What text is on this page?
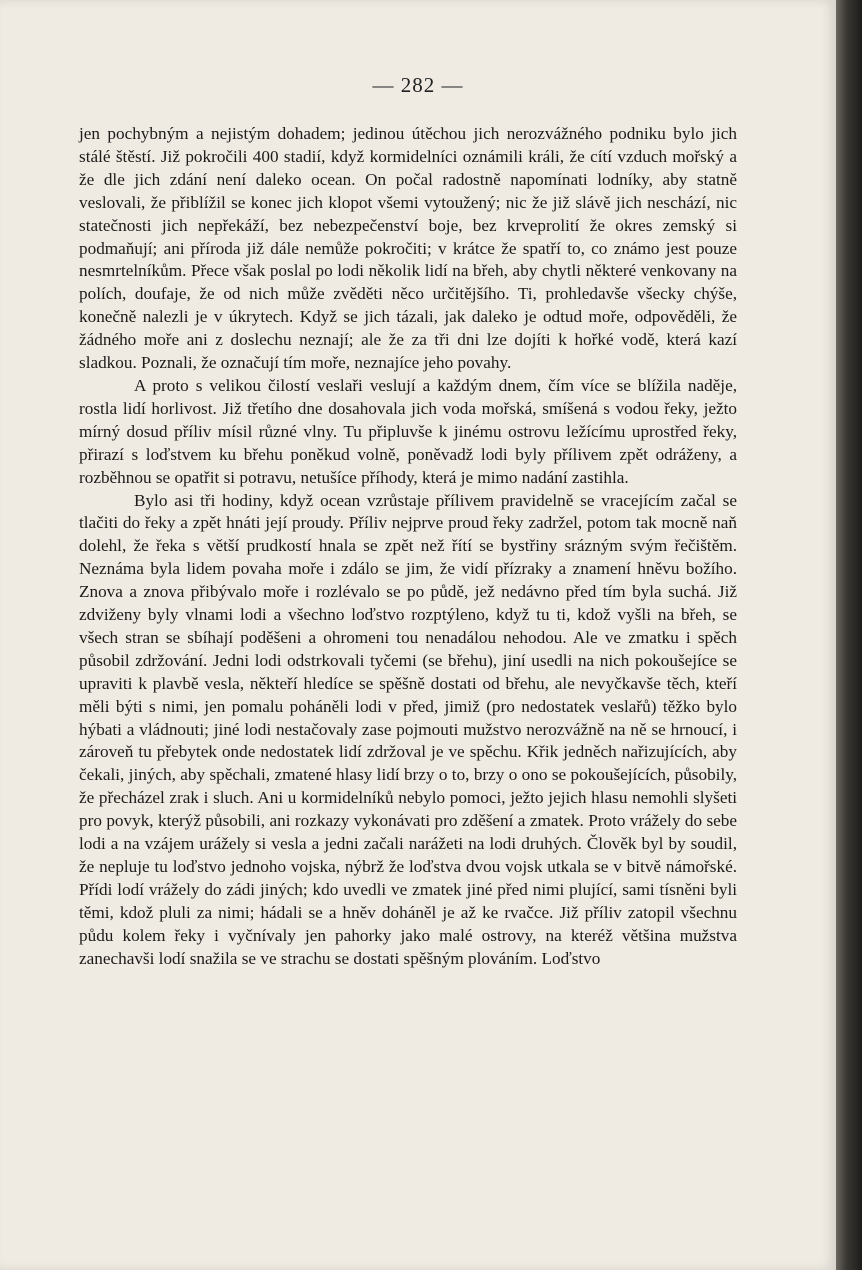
— 282 —

jen pochybným a nejistým dohadem; jedinou útěchou jich nerozvážného podniku bylo jich stálé štěstí. Již pokročili 400 stadií, když kormidelníci oznámili králi, že cítí vzduch mořský a že dle jich zdání není daleko ocean. On počal radostně napomínati lodníky, aby statně veslovali, že přiblížil se konec jich klopot všemi vytoužený; nic že již slávě jich neschází, nic statečnosti jich nepřekáží, bez nebezpečenství boje, bez krveprolití že okres zemský si podmaňují; ani příroda již dále nemůže pokročiti; v krátce že spatří to, co známo jest pouze nesmrtelníkům. Přece však poslal po lodi několik lidí na břeh, aby chytli některé venkovany na polích, doufaje, že od nich může zvěděti něco určitějšího. Ti, prohledavše všecky chýše, konečně nalezli je v úkrytech. Když se jich tázali, jak daleko je odtud moře, odpověděli, že žádného moře ani z doslechu neznají; ale že za tři dni lze dojíti k hořké vodě, která kazí sladkou. Poznali, že označují tím moře, neznajíce jeho povahy.

A proto s velikou čilostí veslaři veslují a každým dnem, čím více se blížila naděje, rostla lidí horlivost. Již třetího dne dosahovala jich voda mořská, smíšená s vodou řeky, ježto mírný dosud příliv mísil různé vlny. Tu připluvše k jinému ostrovu ležícímu uprostřed řeky, přirazí s loďstvem ku břehu poněkud volně, poněvadž lodi byly přílivem zpět odráženy, a rozběhnou se opatřit si potravu, netušíce příhody, která je mimo nadání zastihla.

Bylo asi tři hodiny, když ocean vzrůstaje přílivem pravidelně se vracejícím začal se tlačiti do řeky a zpět hnáti její proudy. Příliv nejprve proud řeky zadržel, potom tak mocně naň dolehl, že řeka s větší prudkostí hnala se zpět než řítí se bystřiny srázným svým řečištěm. Neznáma byla lidem povaha moře i zdálo se jim, že vidí přízraky a znamení hněvu božího. Znova a znova přibývalo moře i rozlévalo se po půdě, jež nedávno před tím byla suchá. Již zdviženy byly vlnami lodi a všechno loďstvo rozptýleno, když tu ti, kdož vyšli na břeh, se všech stran se sbíhají poděšeni a ohromeni tou nenadálou nehodou. Ale ve zmatku i spěch působil zdržování. Jedni lodi odstrkovali tyčemi (se břehu), jiní usedli na nich pokoušejíce se upraviti k plavbě vesla, někteří hledíce se spěšně dostati od břehu, ale nevyčkavše těch, kteří měli býti s nimi, jen pomalu poháněli lodi v před, jimiž (pro nedostatek veslařů) těžko bylo hýbati a vládnouti; jiné lodi nestačovaly zase pojmouti mužstvo nerozvážně na ně se hrnoucí, i zároveň tu přebytek onde nedostatek lidí zdržoval je ve spěchu. Křik jedněch nařizujících, aby čekali, jiných, aby spěchali, zmatené hlasy lidí brzy o to, brzy o ono se pokoušejících, působily, že přecházel zrak i sluch. Ani u kormidelníků nebylo pomoci, ježto jejich hlasu nemohli slyšeti pro povyk, kterýž působili, ani rozkazy vykonávati pro zděšení a zmatek. Proto vrážely do sebe lodi a na vzájem urážely si vesla a jedni začali narážeti na lodi druhých. Člověk byl by soudil, že nepluje tu loďstvo jednoho vojska, nýbrž že loďstva dvou vojsk utkala se v bitvě námořské. Přídi lodí vrážely do zádi jiných; kdo uvedli ve zmatek jiné před nimi plující, sami tísněni byli těmi, kdož pluli za nimi; hádali se a hněv doháněl je až ke rvačce. Již příliv zatopil všechnu půdu kolem řeky i vyčnívaly jen pahorky jako malé ostrovy, na kteréž většina mužstva zanechavši lodí snažila se ve strachu se dostati spěšným plováním. Loďstvo
